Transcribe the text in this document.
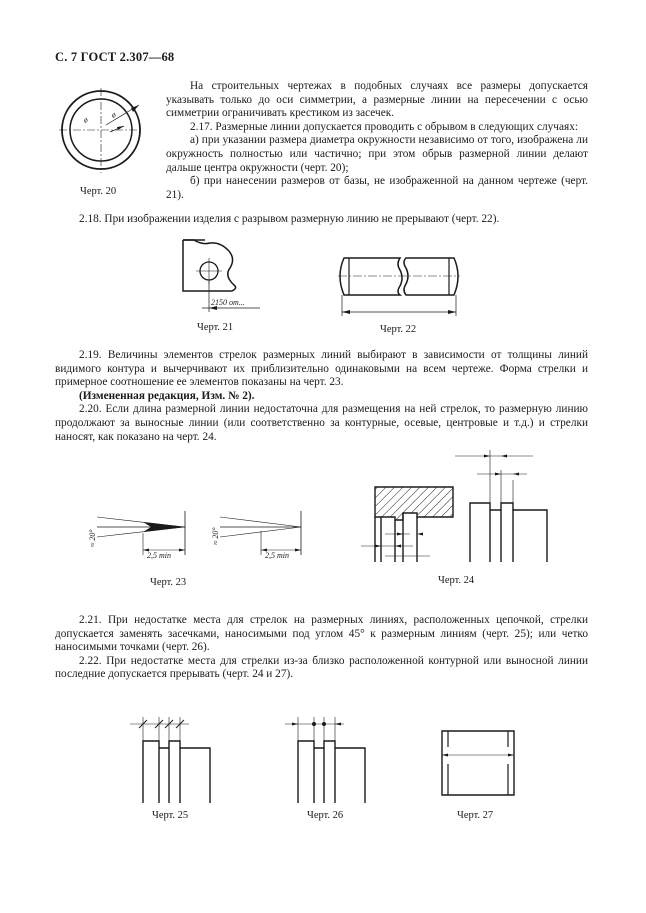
С. 7 ГОСТ 2.307—68
ø
ø
Черт. 20

На строительных чертежах в подобных случаях все размеры допускается указывать только до оси симметрии, а размерные линии на пересечении с осью симметрии ограничивать крестиком из засечек.

2.17. Размерные линии допускается проводить с обрывом в следующих случаях:

а) при указании размера диаметра окружности независимо от того, изображена ли окружность полностью или частично; при этом обрыв размерной линии делают дальше центра окружности (черт. 20);

б) при нанесении размеров от базы, не изображенной на данном чертеже (черт. 21).

2.18. При изображении изделия с разрывом размерную линию не прерывают (черт. 22).

2150 от...
Черт. 21	Черт. 22

2.19. Величины элементов стрелок размерных линий выбирают в зависимости от толщины линий видимого контура и вычерчивают их приблизительно одинаковыми на всем чертеже. Форма стрелки и примерное соотношение ее элементов показаны на черт. 23.

(Измененная редакция, Изм. № 2).

2.20. Если длина размерной линии недостаточна для размещения на ней стрелок, то размерную линию продолжают за выносные линии (или соответственно за контурные, осевые, центровые и т.д.) и стрелки наносят, как показано на черт. 24.

≈ 20°
2,5 min
≈ 20°
2,5 min
Черт. 23	Черт. 24

2.21. При недостатке места для стрелок на размерных линиях, расположенных цепочкой, стрелки допускается заменять засечками, наносимыми под углом 45° к размерным линиям (черт. 25); или четко наносимыми точками (черт. 26).

2.22. При недостатке места для стрелки из-за близко расположенной контурной или выносной линии последние допускается прерывать (черт. 24 и 27).

Черт. 25	Черт. 26	Черт. 27
